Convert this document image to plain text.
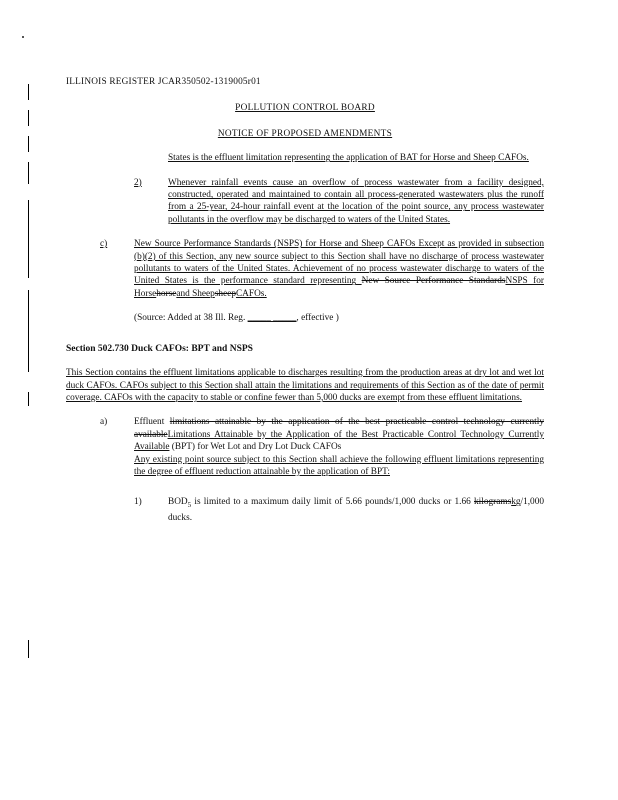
ILLINOIS REGISTER JCAR350502-1319005r01
POLLUTION CONTROL BOARD
NOTICE OF PROPOSED AMENDMENTS
States is the effluent limitation representing the application of BAT for Horse and Sheep CAFOs.
2)	Whenever rainfall events cause an overflow of process wastewater from a facility designed, constructed, operated and maintained to contain all process-generated wastewaters plus the runoff from a 25-year, 24-hour rainfall event at the location of the point source, any process wastewater pollutants in the overflow may be discharged to waters of the United States.
c)	New Source Performance Standards (NSPS) for Horse and Sheep CAFOs Except as provided in subsection (b)(2) of this Section, any new source subject to this Section shall have no discharge of process wastewater pollutants to waters of the United States. Achievement of no process wastewater discharge to waters of the United States is the performance standard representing New Source Performance StandardsNSPS for Horsehorseand SheepsheepCAFOs.
(Source: Added at 38 Ill. Reg. _____ _____, effective )
Section 502.730 Duck CAFOs: BPT and NSPS
This Section contains the effluent limitations applicable to discharges resulting from the production areas at dry lot and wet lot duck CAFOs. CAFOs subject to this Section shall attain the limitations and requirements of this Section as of the date of permit coverage. CAFOs with the capacity to stable or confine fewer than 5,000 ducks are exempt from these effluent limitations.
a)	Effluent limitations attainable by the application of the best practicable control technology currently availableLimitations Attainable by the Application of the Best Practicable Control Technology Currently Available (BPT) for Wet Lot and Dry Lot Duck CAFOs
Any existing point source subject to this Section shall achieve the following effluent limitations representing the degree of effluent reduction attainable by the application of BPT:
1)	$BOD_5$ is limited to a maximum daily limit of 5.66 pounds/1,000 ducks or 1.66 kilogramskg/1,000 ducks.
